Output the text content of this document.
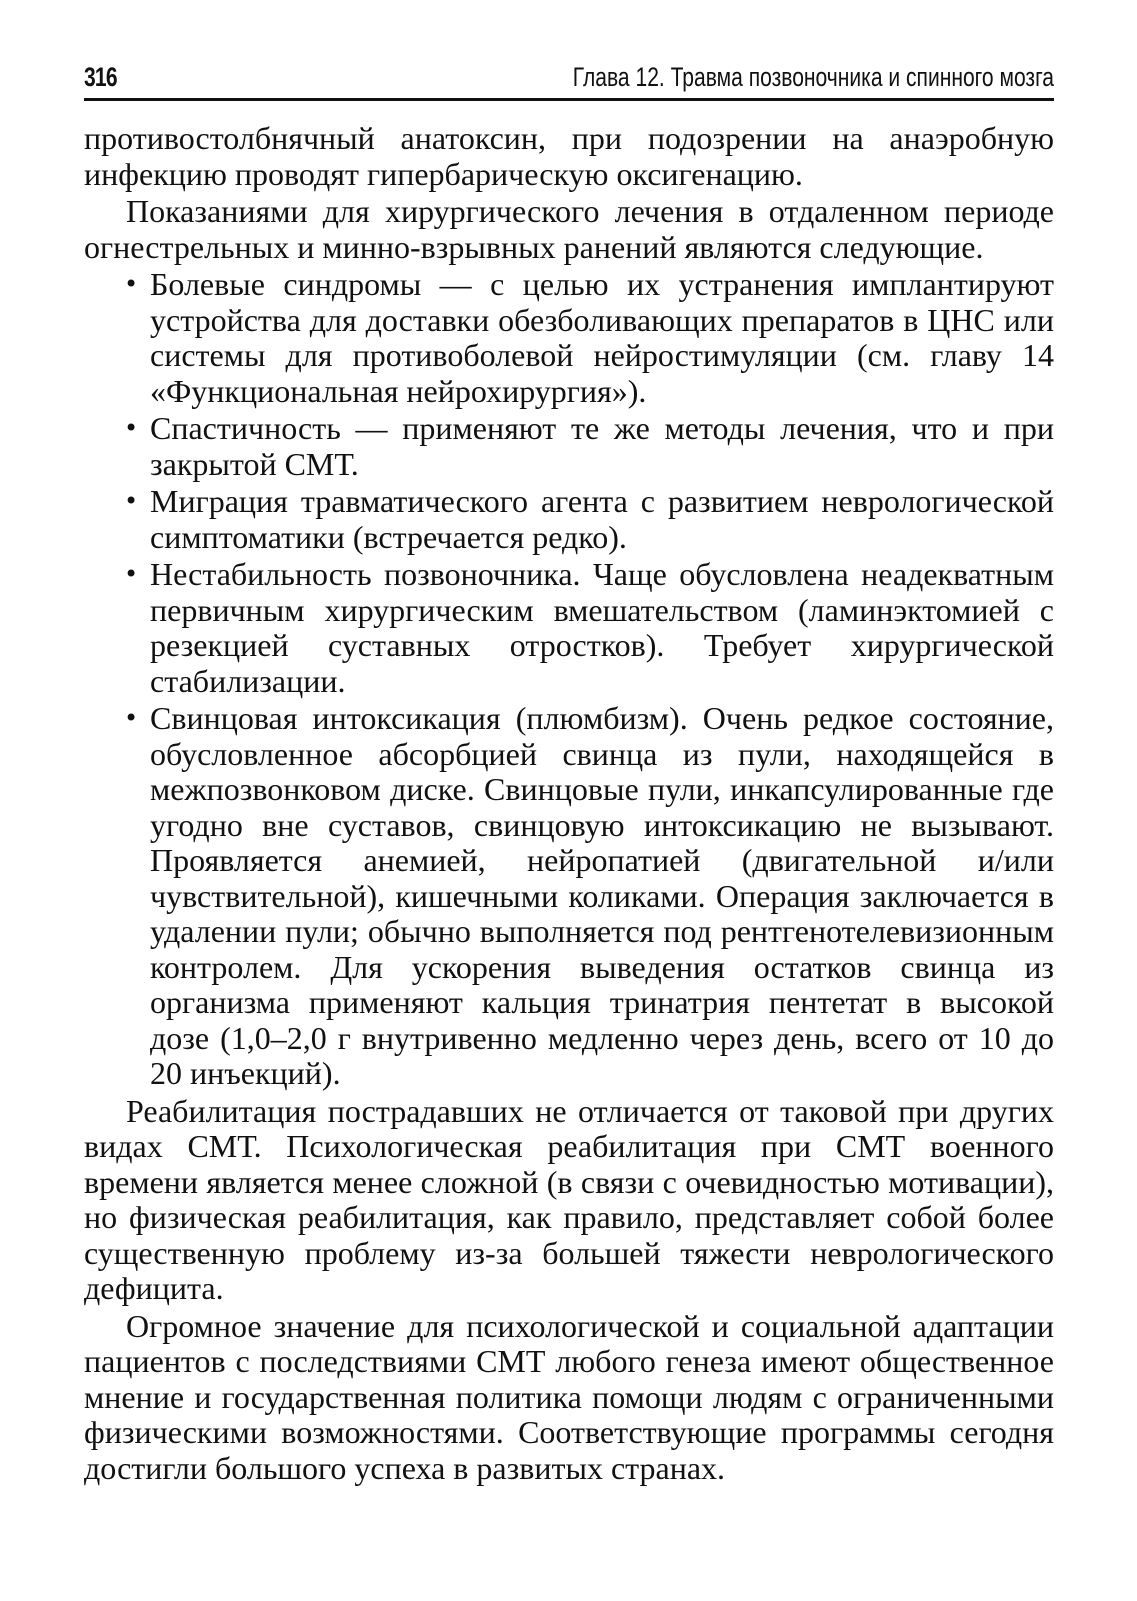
316	Глава 12. Травма позвоночника и спинного мозга

противостолбнячный анатоксин, при подозрении на анаэробную инфекцию проводят гипербарическую оксигенацию.

Показаниями для хирургического лечения в отдаленном периоде огнестрельных и минно-взрывных ранений являются следующие.

• Болевые синдромы — с целью их устранения имплантируют устройства для доставки обезболивающих препаратов в ЦНС или системы для противоболевой нейростимуляции (см. главу 14 «Функциональная нейрохирургия»).
• Спастичность — применяют те же методы лечения, что и при закрытой СМТ.
• Миграция травматического агента с развитием неврологической симптоматики (встречается редко).
• Нестабильность позвоночника. Чаще обусловлена неадекватным первичным хирургическим вмешательством (ламинэктомией с резекцией суставных отростков). Требует хирургической стабилизации.
• Свинцовая интоксикация (плюмбизм). Очень редкое состояние, обусловленное абсорбцией свинца из пули, находящейся в межпозвонковом диске. Свинцовые пули, инкапсулированные где угодно вне суставов, свинцовую интоксикацию не вызывают. Проявляется анемией, нейропатией (двигательной и/или чувствительной), кишечными коликами. Операция заключается в удалении пули; обычно выполняется под рентгенотелевизионным контролем. Для ускорения выведения остатков свинца из организма применяют кальция тринатрия пентетат в высокой дозе (1,0–2,0 г внутривенно медленно через день, всего от 10 до 20 инъекций).

Реабилитация пострадавших не отличается от таковой при других видах СМТ. Психологическая реабилитация при СМТ военного времени является менее сложной (в связи с очевидностью мотивации), но физическая реабилитация, как правило, представляет собой более существенную проблему из-за большей тяжести неврологического дефицита.

Огромное значение для психологической и социальной адаптации пациентов с последствиями СМТ любого генеза имеют общественное мнение и государственная политика помощи людям с ограниченными физическими возможностями. Соответствующие программы сегодня достигли большого успеха в развитых странах.
